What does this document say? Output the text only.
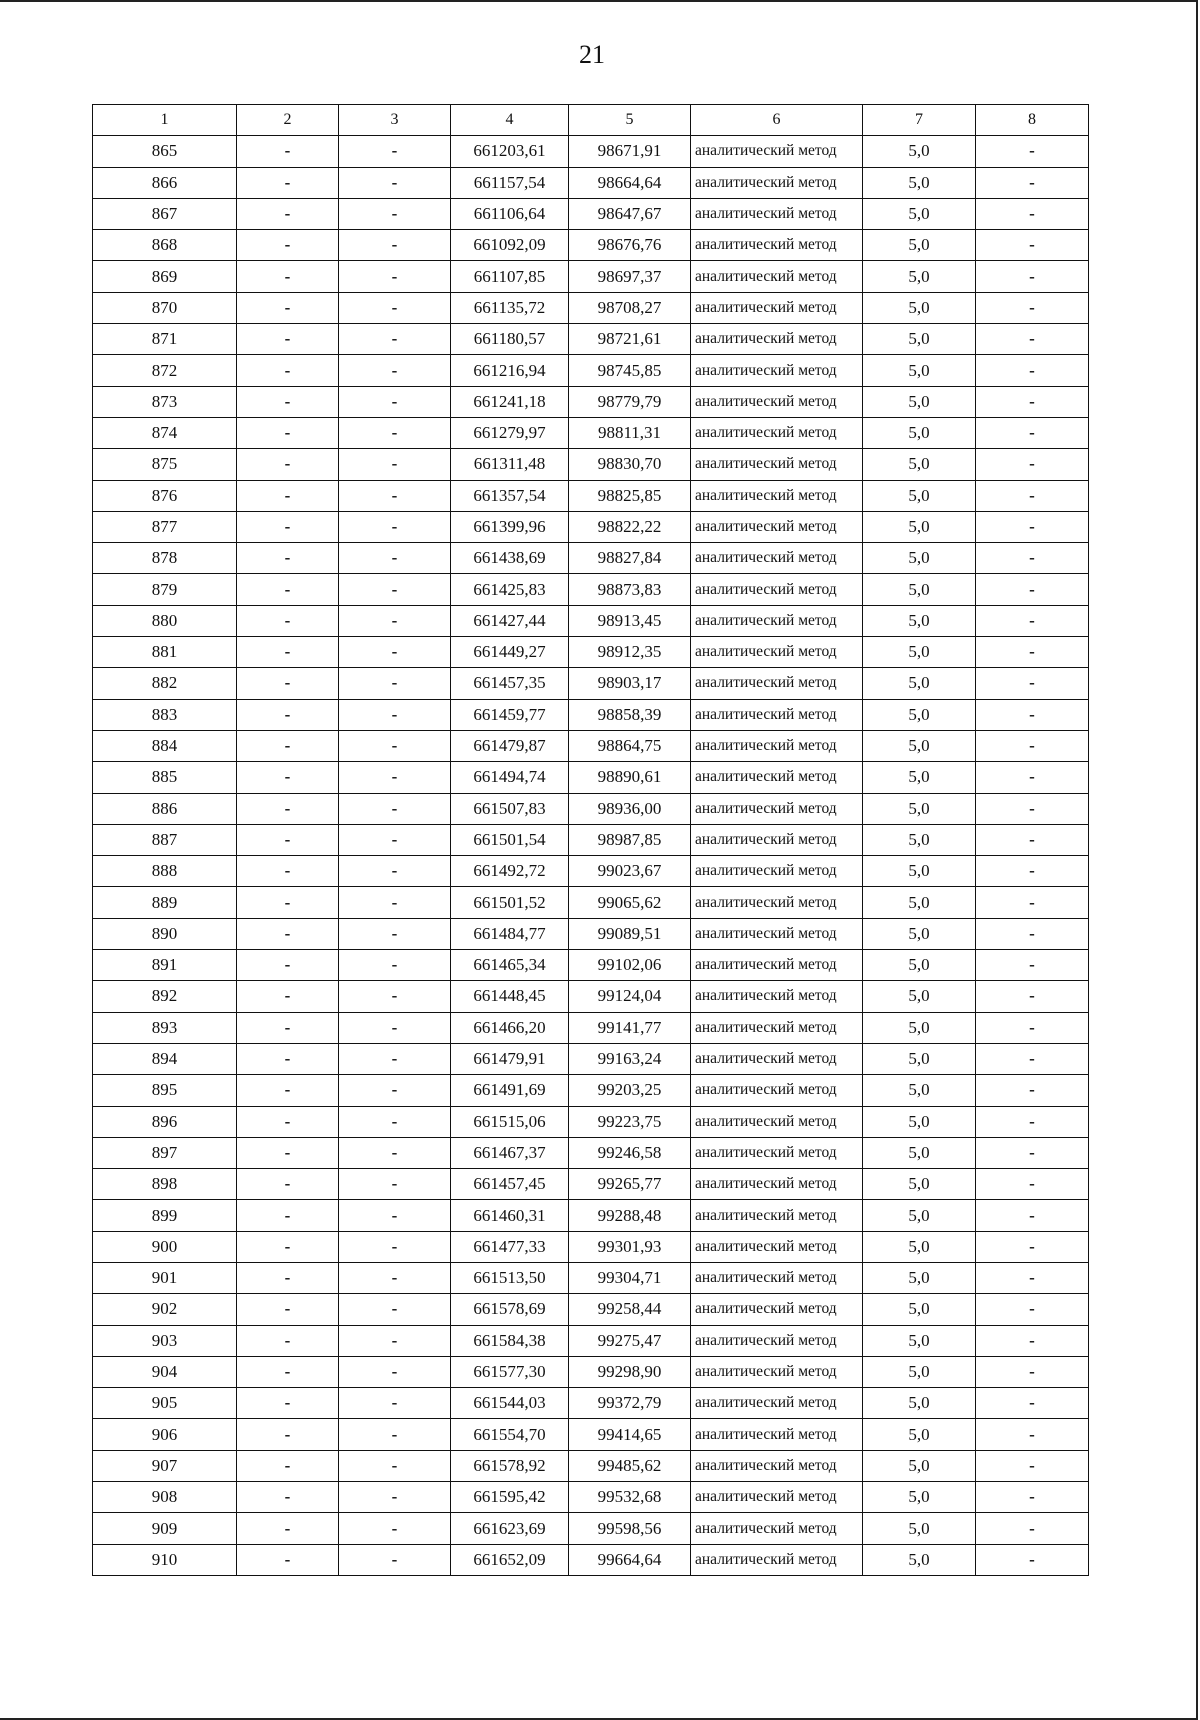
21
1	2	3	4	5	6	7	8
865	-	-	661203,61	98671,91	аналитический метод	5,0	-
866	-	-	661157,54	98664,64	аналитический метод	5,0	-
867	-	-	661106,64	98647,67	аналитический метод	5,0	-
868	-	-	661092,09	98676,76	аналитический метод	5,0	-
869	-	-	661107,85	98697,37	аналитический метод	5,0	-
870	-	-	661135,72	98708,27	аналитический метод	5,0	-
871	-	-	661180,57	98721,61	аналитический метод	5,0	-
872	-	-	661216,94	98745,85	аналитический метод	5,0	-
873	-	-	661241,18	98779,79	аналитический метод	5,0	-
874	-	-	661279,97	98811,31	аналитический метод	5,0	-
875	-	-	661311,48	98830,70	аналитический метод	5,0	-
876	-	-	661357,54	98825,85	аналитический метод	5,0	-
877	-	-	661399,96	98822,22	аналитический метод	5,0	-
878	-	-	661438,69	98827,84	аналитический метод	5,0	-
879	-	-	661425,83	98873,83	аналитический метод	5,0	-
880	-	-	661427,44	98913,45	аналитический метод	5,0	-
881	-	-	661449,27	98912,35	аналитический метод	5,0	-
882	-	-	661457,35	98903,17	аналитический метод	5,0	-
883	-	-	661459,77	98858,39	аналитический метод	5,0	-
884	-	-	661479,87	98864,75	аналитический метод	5,0	-
885	-	-	661494,74	98890,61	аналитический метод	5,0	-
886	-	-	661507,83	98936,00	аналитический метод	5,0	-
887	-	-	661501,54	98987,85	аналитический метод	5,0	-
888	-	-	661492,72	99023,67	аналитический метод	5,0	-
889	-	-	661501,52	99065,62	аналитический метод	5,0	-
890	-	-	661484,77	99089,51	аналитический метод	5,0	-
891	-	-	661465,34	99102,06	аналитический метод	5,0	-
892	-	-	661448,45	99124,04	аналитический метод	5,0	-
893	-	-	661466,20	99141,77	аналитический метод	5,0	-
894	-	-	661479,91	99163,24	аналитический метод	5,0	-
895	-	-	661491,69	99203,25	аналитический метод	5,0	-
896	-	-	661515,06	99223,75	аналитический метод	5,0	-
897	-	-	661467,37	99246,58	аналитический метод	5,0	-
898	-	-	661457,45	99265,77	аналитический метод	5,0	-
899	-	-	661460,31	99288,48	аналитический метод	5,0	-
900	-	-	661477,33	99301,93	аналитический метод	5,0	-
901	-	-	661513,50	99304,71	аналитический метод	5,0	-
902	-	-	661578,69	99258,44	аналитический метод	5,0	-
903	-	-	661584,38	99275,47	аналитический метод	5,0	-
904	-	-	661577,30	99298,90	аналитический метод	5,0	-
905	-	-	661544,03	99372,79	аналитический метод	5,0	-
906	-	-	661554,70	99414,65	аналитический метод	5,0	-
907	-	-	661578,92	99485,62	аналитический метод	5,0	-
908	-	-	661595,42	99532,68	аналитический метод	5,0	-
909	-	-	661623,69	99598,56	аналитический метод	5,0	-
910	-	-	661652,09	99664,64	аналитический метод	5,0	-
